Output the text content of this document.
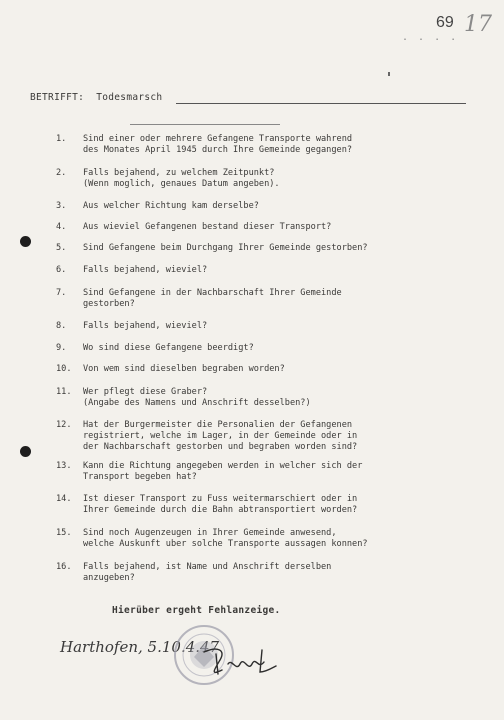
. . . .
69 17
BETRIFFT: Todesmarsch
1.	Sind einer oder mehrere Gefangene Transporte wahrend
des Monates April 1945 durch Ihre Gemeinde gegangen?
2.	Falls bejahend, zu welchem Zeitpunkt?
(Wenn moglich, genaues Datum angeben).
3.	Aus welcher Richtung kam derselbe?
4.	Aus wieviel Gefangenen bestand dieser Transport?
5.	Sind Gefangene beim Durchgang Ihrer Gemeinde gestorben?
6.	Falls bejahend, wieviel?
7.	Sind Gefangene in der Nachbarschaft Ihrer Gemeinde
gestorben?
8.	Falls bejahend, wieviel?
9.	Wo sind diese Gefangene beerdigt?
10.	Von wem sind dieselben begraben worden?
11.	Wer pflegt diese Graber?
(Angabe des Namens und Anschrift desselben?)
12.	Hat der Burgermeister die Personalien der Gefangenen
registriert, welche im Lager, in der Gemeinde oder in
der Nachbarschaft gestorben und begraben worden sind?
13.	Kann die Richtung angegeben werden in welcher sich der
Transport begeben hat?
14.	Ist dieser Transport zu Fuss weitermarschiert oder in
Ihrer Gemeinde durch die Bahn abtransportiert worden?
15.	Sind noch Augenzeugen in Ihrer Gemeinde anwesend,
welche Auskunft uber solche Transporte aussagen konnen?
16.	Falls bejahend, ist Name und Anschrift derselben
anzugeben?
Hierüber ergeht Fehlanzeige.
Harthofen, 5.10.4.47
